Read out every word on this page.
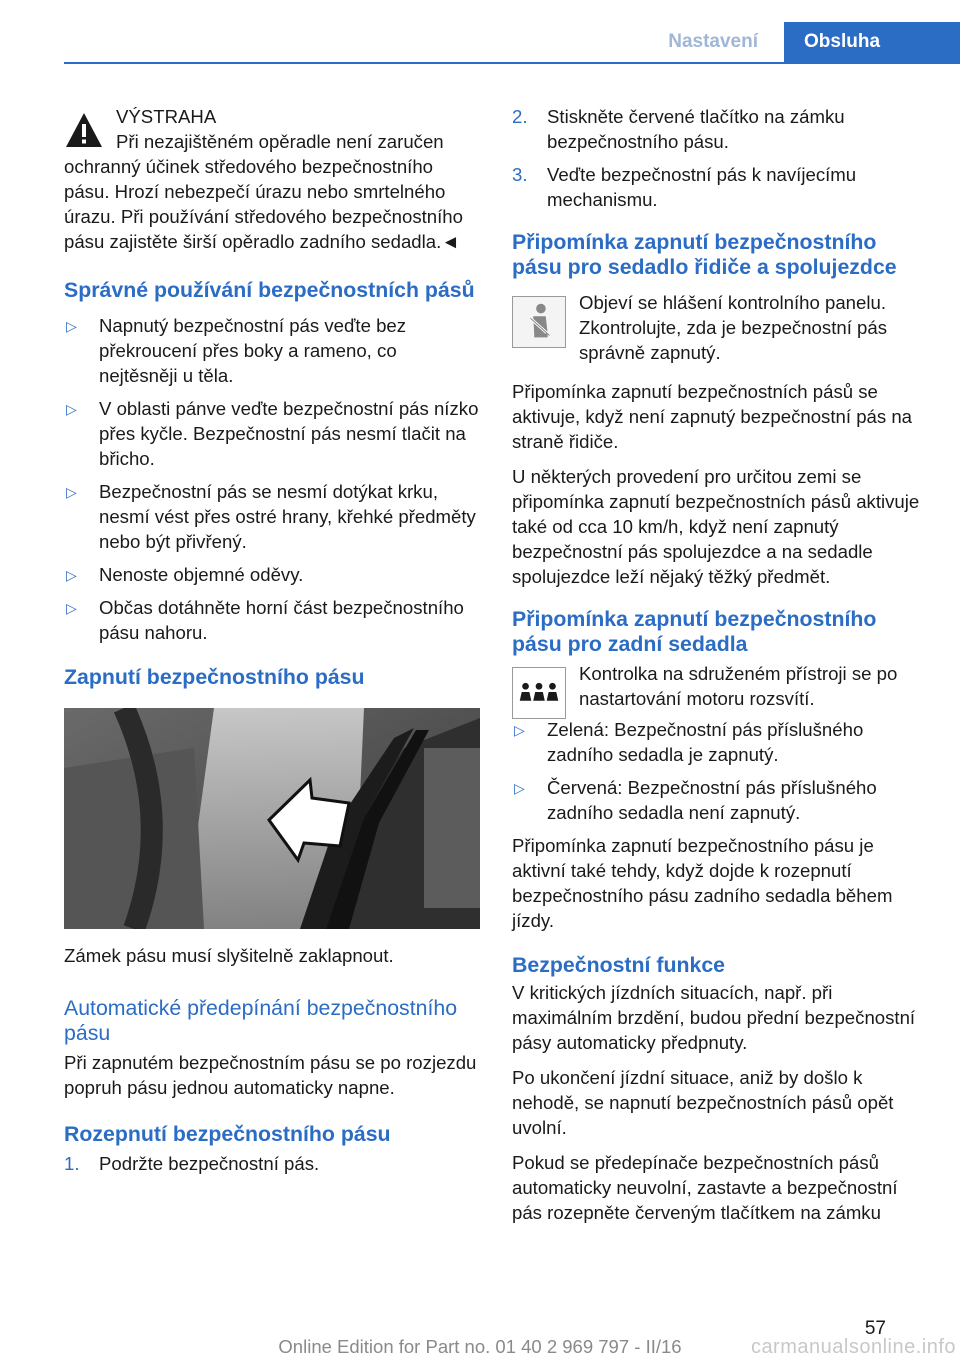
Nastavení	Obsluha

VÝSTRAHA

Při nezajištěném opěradle není zaručen ochranný účinek středového bezpečnostního pásu. Hrozí nebezpečí úrazu nebo smrtelného úrazu. Při používání středového bezpečnostního pásu zajistěte širší opěradlo zadního sedadla.◄

Správné používání bezpečnostních pásů
▷ Napnutý bezpečnostní pás veďte bez překroucení přes boky a rameno, co nejtěsněji u těla.
▷ V oblasti pánve veďte bezpečnostní pás nízko přes kyčle. Bezpečnostní pás nesmí tlačit na břicho.
▷ Bezpečnostní pás se nesmí dotýkat krku, nesmí vést přes ostré hrany, křehké předměty nebo být přivřený.
▷ Nenoste objemné oděvy.
▷ Občas dotáhněte horní část bezpečnostního pásu nahoru.
Zapnutí bezpečnostního pásu

Zámek pásu musí slyšitelně zaklapnout.

Automatické předepínání bezpečnostního pásu

Při zapnutém bezpečnostním pásu se po rozjezdu popruh pásu jednou automaticky napne.

Rozepnutí bezpečnostního pásu
1. Podržte bezpečnostní pás.
2. Stiskněte červené tlačítko na zámku bezpečnostního pásu.
3. Veďte bezpečnostní pás k navíjecímu mechanismu.
Připomínka zapnutí bezpečnostního pásu pro sedadlo řidiče a spolujezdce

Objeví se hlášení kontrolního panelu. Zkontrolujte, zda je bezpečnostní pás správně zapnutý.

Připomínka zapnutí bezpečnostních pásů se aktivuje, když není zapnutý bezpečnostní pás na straně řidiče.

U některých provedení pro určitou zemi se připomínka zapnutí bezpečnostních pásů aktivuje také od cca 10 km/h, když není zapnutý bezpečnostní pás spolujezdce a na sedadle spolujezdce leží nějaký těžký předmět.

Připomínka zapnutí bezpečnostního pásu pro zadní sedadla

Kontrolka na sdruženém přístroji se po nastartování motoru rozsvítí.

▷ Zelená: Bezpečnostní pás příslušného zadního sedadla je zapnutý.
▷ Červená: Bezpečnostní pás příslušného zadního sedadla není zapnutý.

Připomínka zapnutí bezpečnostního pásu je aktivní také tehdy, když dojde k rozepnutí bezpečnostního pásu zadního sedadla během jízdy.

Bezpečnostní funkce

V kritických jízdních situacích, např. při maximálním brzdění, budou přední bezpečnostní pásy automaticky předpnuty.

Po ukončení jízdní situace, aniž by došlo k nehodě, se napnutí bezpečnostních pásů opět uvolní.

Pokud se předepínače bezpečnostních pásů automaticky neuvolní, zastavte a bezpečnostní pás rozepněte červeným tlačítkem na zámku

57
Online Edition for Part no. 01 40 2 969 797 - II/16	carmanualsonline.info
